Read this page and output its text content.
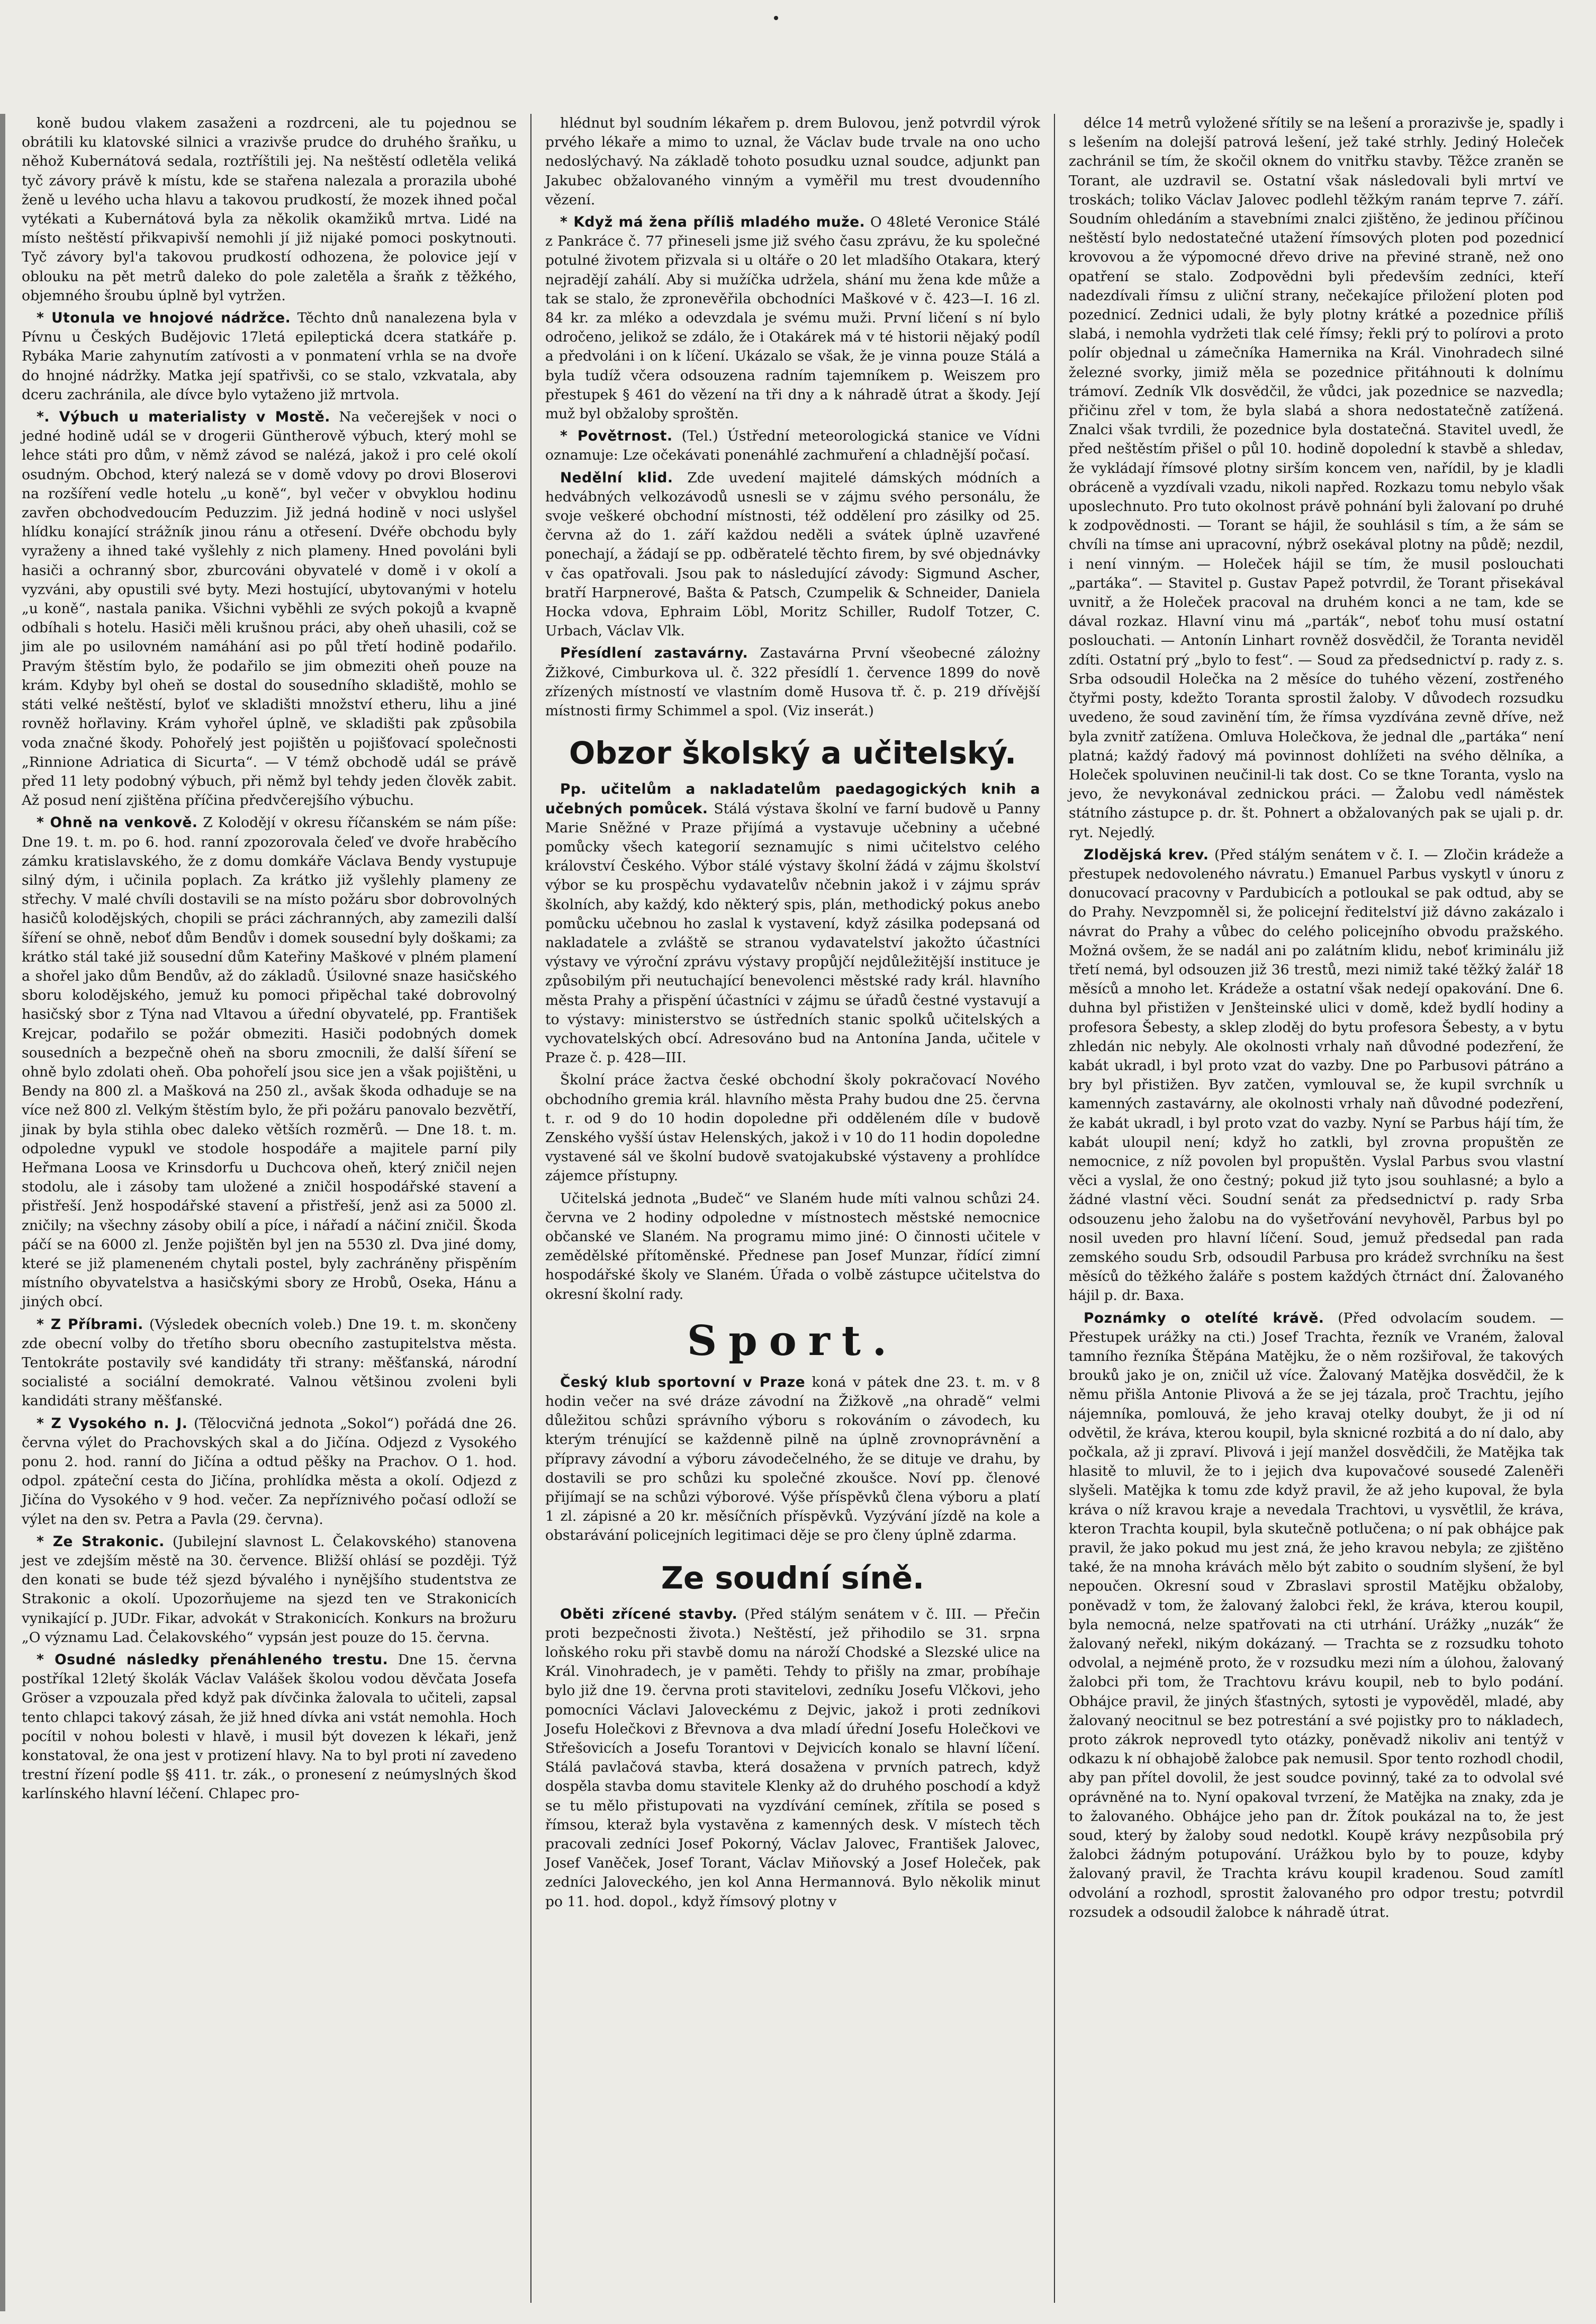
koně budou vlakem zasaženi a rozdrceni, ale tu pojednou se obrátili ku klatovské silnici a vrazivše prudce do druhého šraňku, u něhož Kubernátová sedala, roztříštili jej. Na neštěstí odletěla veliká tyč závory právě k místu, kde se stařena nalezala a prorazila ubohé ženě u levého ucha hlavu a takovou prudkostí, že mozek ihned počal vytékati a Kubernátová byla za několik okamžiků mrtva. Lidé na místo neštěstí přikvapivší nemohli jí již nijaké pomoci poskytnouti. Tyč závory byl'a takovou prudkostí odhozena, že polovice její v oblouku na pět metrů daleko do pole zaletěla a šraňk z těžkého, objemného šroubu úplně byl vytržen.

* Utonula ve hnojové nádržce. Těchto dnů nanalezena byla v Pívnu u Českých Budějovic 17letá epileptická dcera statkáře p. Rybáka Marie zahynutím zatívosti a v ponmatení vrhla se na dvoře do hnojné nádržky. Matka její spatřivši, co se stalo, vzkvatala, aby dceru zachránila, ale dívce bylo vytaženo již mrtvola.

*. Výbuch u materialisty v Mostě. Na večerejšek v noci o jedné hodině udál se v drogerii Güntherově výbuch, který mohl se lehce státi pro dům, v němž závod se nalézá, jakož i pro celé okolí osudným. Obchod, který nalezá se v domě vdovy po drovi Bloserovi na rozšíření vedle hotelu „u koně“, byl večer v obvyklou hodinu zavřen obchodvedoucím Peduzzim. Již jedná hodině v noci uslyšel hlídku konající strážník jinou ránu a otřesení. Dvéře obchodu byly vyraženy a ihned také vyšlehly z nich plameny. Hned povoláni byli hasiči a ochranný sbor, zburcováni obyvatelé v domě i v okolí a vyzváni, aby opustili své byty. Mezi hostující, ubytovanými v hotelu „u koně“, nastala panika. Všichni vyběhli ze svých pokojů a kvapně odbíhali s hotelu. Hasiči měli krušnou práci, aby oheň uhasili, což se jim ale po usilovném namáhání asi po půl třetí hodině podařilo. Pravým štěstím bylo, že podařilo se jim obmeziti oheň pouze na krám. Kdyby byl oheň se dostal do sousedního skladiště, mohlo se státi velké neštěstí, byloť ve skladišti množství etheru, lihu a jiné rovněž hořlaviny. Krám vyhořel úplně, ve skladišti pak způsobila voda značné škody. Pohořelý jest pojištěn u pojišťovací společnosti „Rinnione Adriatica di Sicurta“. — V témž obchodě udál se právě před 11 lety podobný výbuch, při němž byl tehdy jeden člověk zabit. Až posud není zjištěna příčina předvčerejšího výbuchu.

* Ohně na venkově. Z Kolodějí v okresu říčanském se nám píše: Dne 19. t. m. po 6. hod. ranní zpozorovala čeleď ve dvoře hraběcího zámku kratislavského, že z domu domkáře Václava Bendy vystupuje silný dým, i učinila poplach. Za krátko již vyšlehly plameny ze střechy. V malé chvíli dostavili se na místo požáru sbor dobrovolných hasičů kolodějských, chopili se práci záchranných, aby zamezili další šíření se ohně, neboť dům Bendův i domek sousední byly doškami; za krátko stál také již sousední dům Kateřiny Maškové v plném plamení a shořel jako dům Bendův, až do základů. Úsilovné snaze hasičského sboru kolodějského, jemuž ku pomoci připěchal také dobrovolný hasičský sbor z Týna nad Vltavou a úřední obyvatelé, pp. František Krejcar, podařilo se požár obmeziti. Hasiči podobných domek sousedních a bezpečně oheň na sboru zmocnili, že další šíření se ohně bylo zdolati oheň. Oba pohořelí jsou sice jen a však pojištěni, u Bendy na 800 zl. a Mašková na 250 zl., avšak škoda odhaduje se na více než 800 zl. Velkým štěstím bylo, že při požáru panovalo bezvětří, jinak by byla stihla obec daleko větších rozměrů. — Dne 18. t. m. odpoledne vypukl ve stodole hospodáře a majitele parní pily Heřmana Loosa ve Krinsdorfu u Duchcova oheň, který zničil nejen stodolu, ale i zásoby tam uložené a zničil hospodářské stavení a přistřeší. Jenž hospodářské stavení a přistřeší, jenž asi za 5000 zl. zničily; na všechny zásoby obilí a píce, i nářadí a náčiní zničil. Škoda páčí se na 6000 zl. Jenže pojištěn byl jen na 5530 zl. Dva jiné domy, které se již plameneném chytali postel, byly zachráněny přispěním místního obyvatelstva a hasičskými sbory ze Hrobů, Oseka, Hánu a jiných obcí.

* Z Příbrami. (Výsledek obecních voleb.) Dne 19. t. m. skončeny zde obecní volby do třetího sboru obecního zastupitelstva města. Tentokráte postavily své kandidáty tři strany: měšťanská, národní socialisté a sociální demokraté. Valnou většinou zvoleni byli kandidáti strany měšťanské.

* Z Vysokého n. J. (Tělocvičná jednota „Sokol“) pořádá dne 26. června výlet do Prachovských skal a do Jičína. Odjezd z Vysokého ponu 2. hod. ranní do Jičína a odtud pěšky na Prachov. O 1. hod. odpol. zpáteční cesta do Jičína, prohlídka města a okolí. Odjezd z Jičína do Vysokého v 9 hod. večer. Za nepříznivého počasí odloží se výlet na den sv. Petra a Pavla (29. června).

* Ze Strakonic. (Jubilejní slavnost L. Čelakovského) stanovena jest ve zdejším městě na 30. července. Bližší ohlásí se později. Týž den konati se bude též sjezd bývalého i nynějšího studentstva ze Strakonic a okolí. Upozorňujeme na sjezd ten ve Strakonicích vynikající p. JUDr. Fikar, advokát v Strakonicích. Konkurs na brožuru „O významu Lad. Čelakovského“ vypsán jest pouze do 15. června.

* Osudné následky přenáhleného trestu. Dne 15. června postříkal 12letý školák Václav Valášek školou vodou děvčata Josefa Gröser a vzpouzala před když pak dívčinka žalovala to učiteli, zapsal tento chlapci takový zásah, že již hned dívka ani vstát nemohla. Hoch pocítil v nohou bolesti v hlavě, i musil být dovezen k lékaři, jenž konstatoval, že ona jest v protizení hlavy. Na to byl proti ní zavedeno trestní řízení podle §§ 411. tr. zák., o pronesení z neúmyslných škod karlínského hlavní léčení. Chlapec pro-

hlédnut byl soudním lékařem p. drem Bulovou, jenž potvrdil výrok prvého lékaře a mimo to uznal, že Václav bude trvale na ono ucho nedoslýchavý. Na základě tohoto posudku uznal soudce, adjunkt pan Jakubec obžalovaného vinným a vyměřil mu trest dvoudenního vězení.

* Když má žena příliš mladého muže. O 48leté Veronice Stálé z Pankráce č. 77 přineseli jsme již svého času zprávu, že ku společné potulné životem přizvala si u oltáře o 20 let mladšího Otakara, který nejradějí zahálí. Aby si mužíčka udržela, shání mu žena kde může a tak se stalo, že zpronevěřila obchodníci Maškové v č. 423—I. 16 zl. 84 kr. za mléko a odevzdala je svému muži. První ličení s ní bylo odročeno, jelikož se zdálo, že i Otakárek má v té historii nějaký podíl a předvoláni i on k líčení. Ukázalo se však, že je vinna pouze Stálá a byla tudíž včera odsouzena radním tajemníkem p. Weiszem pro přestupek § 461 do vězení na tři dny a k náhradě útrat a škody. Její muž byl obžaloby sproštěn.

* Povětrnost. (Tel.) Ústřední meteorologická stanice ve Vídni oznamuje: Lze očekávati ponenáhlé zachmuření a chladnější počasí.

Nedělní klid. Zde uvedení majitelé dámských módních a hedvábných velkozávodů usnesli se v zájmu svého personálu, že svoje veškeré obchodní místnosti, též oddělení pro zásilky od 25. června až do 1. září každou neděli a svátek úplně uzavřené ponechají, a žádají se pp. odběratelé těchto firem, by své objednávky v čas opatřovali. Jsou pak to následující závody: Sigmund Ascher, bratří Harpnerové, Bašta & Patsch, Czumpelik & Schneider, Daniela Hocka vdova, Ephraim Löbl, Moritz Schiller, Rudolf Totzer, C. Urbach, Václav Vlk.

Přesídlení zastavárny. Zastavárna První všeobecné zálożny Žižkové, Cimburkova ul. č. 322 přesídlí 1. července 1899 do nově zřízených místností ve vlastním domě Husova tř. č. p. 219 dřívější místnosti firmy Schimmel a spol. (Viz inserát.)

Obzor školský a učitelský.

Pp. učitelům a nakladatelům paedagogických knih a učebných pomůcek. Stálá výstava školní ve farní budově u Panny Marie Sněžné v Praze přijímá a vystavuje učebniny a učebné pomůcky všech kategorií seznamujíc s nimi učitelstvo celého království Českého. Výbor stálé výstavy školní žádá v zájmu školství výbor se ku prospěchu vydavatelův nčebnin jakož i v zájmu správ školních, aby každý, kdo některý spis, plán, methodický pokus anebo pomůcku učebnou ho zaslal k vystavení, když zásilka podepsaná od nakladatele a zvláště se stranou vydavatelství jakožto účastníci výstavy ve výroční zprávu výstavy propůjčí nejdůležitější instituce je způsobilým při neutuchající benevolenci městské rady král. hlavního města Prahy a přispění účastníci v zájmu se úřadů čestné vystavují a to výstavy: ministerstvo se ústředních stanic spolků učitelských a vychovatelských obcí. Adresováno bud na Antonína Janda, učitele v Praze č. p. 428—III.

Školní práce žactva české obchodní školy pokračovací Nového obchodního gremia král. hlavního města Prahy budou dne 25. června t. r. od 9 do 10 hodin dopoledne při odděleném díle v budově Zenského vyšší ústav Helenských, jakož i v 10 do 11 hodin dopoledne vystavené sál ve školní budově svatojakubské výstaveny a prohlídce zájemce přístupny.

Učitelská jednota „Budeč“ ve Slaném hude míti valnou schůzi 24. června ve 2 hodiny odpoledne v místnostech městské nemocnice občanské ve Slaném. Na programu mimo jiné: O činnosti učitele v zemědělské přítoměnské. Přednese pan Josef Munzar, řídící zimní hospodářské školy ve Slaném. Úřada o volbě zástupce učitelstva do okresní školní rady.

Sport.

Český klub sportovní v Praze koná v pátek dne 23. t. m. v 8 hodin večer na své dráze závodní na Žižkově „na ohradě“ velmi důležitou schůzi správního výboru s rokováním o závodech, ku kterým trénující se každenně pilně na úplně zrovnoprávnění a přípravy závodní a výboru závodečelného, že se dituje ve drahu, by dostavili se pro schůzi ku společné zkoušce. Noví pp. členové přijímají se na schůzi výborové. Výše příspěvků člena výboru a platí 1 zl. zápisné a 20 kr. měsíčních příspěvků. Vyzývání jízdě na kole a obstarávání policejních legitimaci děje se pro členy úplně zdarma.

Ze soudní síně.

Oběti zřícené stavby. (Před stálým senátem v č. III. — Přečin proti bezpečnosti života.) Neštěstí, jež přihodilo se 31. srpna loňského roku při stavbě domu na nároží Chodské a Slezské ulice na Král. Vinohradech, je v paměti. Tehdy to přišly na zmar, probíhaje bylo již dne 19. června proti stavitelovi, zedníku Josefu Vlčkovi, jeho pomocníci Václavi Jaloveckému z Dejvic, jakož i proti zedníkovi Josefu Holečkovi z Břevnova a dva mladí úřední Josefu Holečkovi ve Střešovicích a Josefu Torantovi v Dejvicích konalo se hlavní líčení. Stálá pavlačová stavba, která dosažena v prvních patrech, když dospěla stavba domu stavitele Klenky až do druhého poschodí a když se tu mělo přistupovati na vyzdívání cemínek, zřítila se posed s římsou, kteraž byla vystavěna z kamenných desk. V místech těch pracovali zedníci Josef Pokorný, Václav Jalovec, František Jalovec, Josef Vaněček, Josef Torant, Václav Miňovský a Josef Holeček, pak zedníci Jaloveckého, jen kol Anna Hermannová. Bylo několik minut po 11. hod. dopol., když římsový plotny v

délce 14 metrů vyložené sřítily se na lešení a prorazivše je, spadly i s lešením na dolejší patrová lešení, jež také strhly. Jediný Holeček zachránil se tím, že skočil oknem do vnitřku stavby. Těžce zraněn se Torant, ale uzdravil se. Ostatní však následovali byli mrtví ve troskách; toliko Václav Jalovec podlehl těžkým ranám teprve 7. září. Soudním ohledáním a stavebními znalci zjištěno, že jedinou příčinou neštěstí bylo nedostatečné utažení římsových ploten pod pozednicí krovovou a že výpomocné dřevo drive na převiné straně, než ono opatření se stalo. Zodpovědni byli především zedníci, kteří nadezdívali římsu z uliční strany, nečekajíce přiložení ploten pod pozednicí. Zednici udali, že byly plotny krátké a pozednice příliš slabá, i nemohla vydržeti tlak celé římsy; řekli prý to polírovi a proto polír objednal u zámečníka Hamernika na Král. Vinohradech silné železné svorky, jimiž měla se pozednice přitáhnouti k dolnímu trámoví. Zedník Vlk dosvědčil, že vůdci, jak pozednice se nazvedla; přičinu zřel v tom, že byla slabá a shora nedostatečně zatížená. Znalci však tvrdili, že pozednice byla dostatečná. Stavitel uvedl, že před neštěstím přišel o půl 10. hodině dopolední k stavbě a shledav, že vykládají římsové plotny sirším koncem ven, nařídil, by je kladli obráceně a vyzdívali vzadu, nikoli napřed. Rozkazu tomu nebylo však uposlechnuto. Pro tuto okolnost právě pohnání byli žalovaní po druhé k zodpovědnosti. — Torant se hájil, že souhlásil s tím, a že sám se chvíli na tímse ani upracovní, nýbrž osekával plotny na půdě; nezdil, i není vinným. — Holeček hájil se tím, že musil poslouchati „partáka“. — Stavitel p. Gustav Papež potvrdil, že Torant přisekával uvnitř, a že Holeček pracoval na druhém konci a ne tam, kde se dával rozkaz. Hlavní vinu má „parták“, neboť tohu musí ostatní poslouchati. — Antonín Linhart rovněž dosvědčil, že Toranta neviděl zdíti. Ostatní prý „bylo to fest“. — Soud za předsednictví p. rady z. s. Srba odsoudil Holečka na 2 měsíce do tuhého vězení, zostřeného čtyřmi posty, kdežto Toranta sprostil žaloby. V důvodech rozsudku uvedeno, že soud zavinění tím, že římsa vyzdívána zevně dříve, než byla zvnitř zatížena. Omluva Holečkova, že jednal dle „partáka“ není platná; každý řadový má povinnost dohlížeti na svého dělníka, a Holeček spoluvinen neučinil-li tak dost. Co se tkne Toranta, vyslo na jevo, že nevykonával zednickou práci. — Žalobu vedl náměstek státního zástupce p. dr. št. Pohnert a obžalovaných pak se ujali p. dr. ryt. Nejedlý.

Zlodějská krev. (Před stálým senátem v č. I. — Zločin krádeže a přestupek nedovoleného návratu.) Emanuel Parbus vyskytl v únoru z donucovací pracovny v Pardubicích a potloukal se pak odtud, aby se do Prahy. Nevzpomněl si, že policejní ředitelství již dávno zakázalo i návrat do Prahy a vůbec do celého policejního obvodu pražského. Možná ovšem, že se nadál ani po zalátním klidu, neboť kriminálu již třetí nemá, byl odsouzen již 36 trestů, mezi nimiž také těžký žalář 18 měsíců a mnoho let. Krádeže a ostatní však nedejí opakování. Dne 6. duhna byl přistižen v Jenšteinské ulici v domě, kdež bydlí hodiny a profesora Šebesty, a sklep zloděj do bytu profesora Šebesty, a v bytu zhledán nic nebyly. Ale okolnosti vrhaly naň důvodné podezření, že kabát ukradl, i byl proto vzat do vazby. Dne po Parbusovi pátráno a bry byl přistižen. Byv zatčen, vymlouval se, že kupil svrchník u kamenných zastavárny, ale okolnosti vrhaly naň důvodné podezření, že kabát ukradl, i byl proto vzat do vazby. Nyní se Parbus hájí tím, že kabát uloupil není; když ho zatkli, byl zrovna propuštěn ze nemocnice, z níž povolen byl propuštěn. Vyslal Parbus svou vlastní věci a vyslal, že ono čestný; pokud již tyto jsou souhlasné; a bylo a žádné vlastní věci. Soudní senát za předsednictví p. rady Srba odsouzenu jeho žalobu na do vyšetřování nevyhověl, Parbus byl po nosil uveden pro hlavní líčení. Soud, jemuž předsedal pan rada zemského soudu Srb, odsoudil Parbusa pro krádež svrchníku na šest měsíců do těžkého žaláře s postem každých čtrnáct dní. Žalovaného hájil p. dr. Baxa.

Poznámky o otelíté krávě. (Před odvolacím soudem. — Přestupek urážky na cti.) Josef Trachta, řezník ve Vraném, žaloval tamního řezníka Štěpána Matějku, že o něm rozšiřoval, že takových brouků jako je on, zničil už více. Žalovaný Matějka dosvědčil, že k němu přišla Antonie Plivová a že se jej tázala, proč Trachtu, jejího nájemníka, pomlouvá, že jeho kravaj otelky doubyt, že ji od ní odvětil, že kráva, kterou koupil, byla sknicné rozbitá a do ní dalo, aby počkala, až ji zpraví. Plivová i její manžel dosvědčili, že Matějka tak hlasitě to mluvil, že to i jejich dva kupovačové sousedé Zaleněři slyšeli. Matějka k tomu zde když pravil, že až jeho kupoval, že byla kráva o níž kravou kraje a nevedala Trachtovi, u vysvětlil, že kráva, kteron Trachta koupil, byla skutečně potlučena; o ní pak obhájce pak pravil, že jako pokud mu jest zná, že jeho kravou nebyla; ze zjištěno také, že na mnoha krávách mělo být zabito o soudním slyšení, že byl nepoučen. Okresní soud v Zbraslavi sprostil Matějku obžaloby, poněvadž v tom, že žalovaný žalobci řekl, že kráva, kterou koupil, byla nemocná, nelze spatřovati na cti utrhání. Urážky „nuzák“ že žalovaný neřekl, nikým dokázaný. — Trachta se z rozsudku tohoto odvolal, a nejméně proto, že v rozsudku mezi ním a úlohou, žalovaný žalobci při tom, že Trachtovu krávu koupil, neb to bylo podání. Obhájce pravil, že jiných šťastných, sytosti je vypověděl, mladé, aby žalovaný neocitnul se bez potrestání a své pojistky pro to nákladech, proto zákrok neprovedl tyto otázky, poněvadž nikoliv ani tentýž v odkazu k ní obhajobě žalobce pak nemusil. Spor tento rozhodl chodil, aby pan přítel dovolil, že jest soudce povinný, také za to odvolal své oprávněné na to. Nyní opakoval tvrzení, že Matějka na znaky, zda je to žalovaného. Obhájce jeho pan dr. Žítok poukázal na to, že jest soud, který by žaloby soud nedotkl. Koupě krávy nezpůsobila prý žalobci žádným potupování. Urážkou bylo by to pouze, kdyby žalovaný pravil, že Trachta krávu koupil kradenou. Soud zamítl odvolání a rozhodl, sprostit žalovaného pro odpor trestu; potvrdil rozsudek a odsoudil žalobce k náhradě útrat.
